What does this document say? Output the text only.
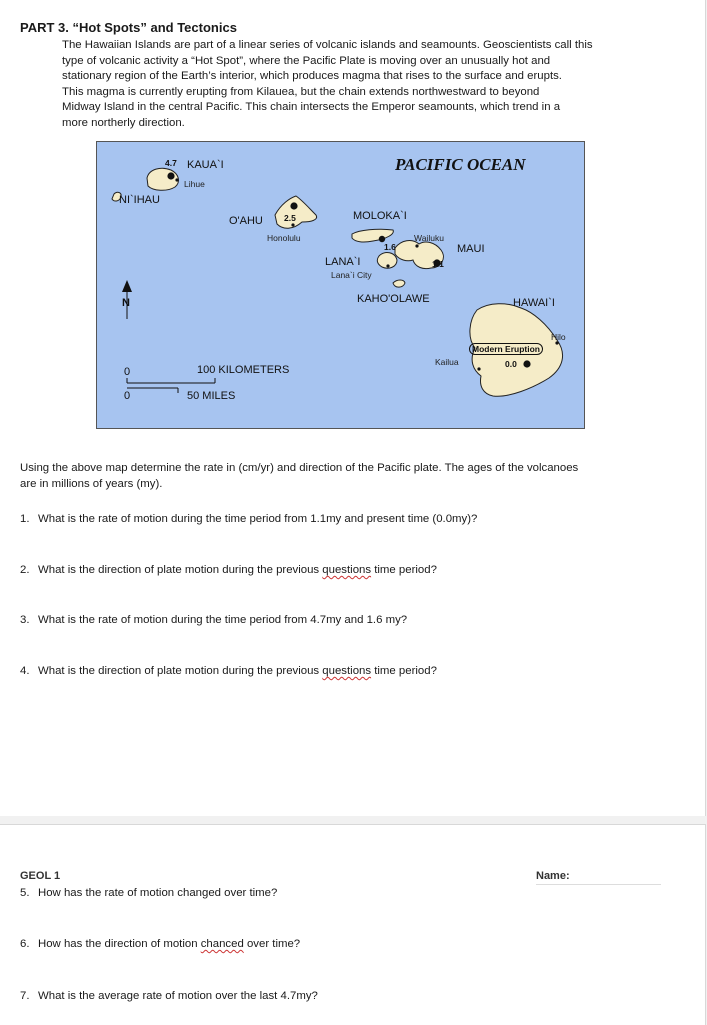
PART 3. “Hot Spots” and Tectonics
The Hawaiian Islands are part of a linear series of volcanic islands and seamounts. Geoscientists call this
type of volcanic activity a “Hot Spot”, where the Pacific Plate is moving over an unusually hot and
stationary region of the Earth’s interior, which produces magma that rises to the surface and erupts.
This magma is currently erupting from Kilauea, but the chain extends northwestward to beyond
Midway Island in the central Pacific. This chain intersects the Emperor seamounts, which trend in a
more northerly direction.
PACIFIC OCEAN
KAUA`I
4.7
Lihue
NI`IHAU
O'AHU 2.5
Honolulu
MOLOKA`I
1.6
Wailuku
MAUI
1.1
LANA`I
Lana`i City
KAHO'OLAWE	HAWAI`I
Hilo
Kailua
Modern Eruption
0.0
N
0
0
100 KILOMETERS
50 MILES
Using the above map determine the rate in (cm/yr) and direction of the Pacific plate. The ages of the volcanoes
are in millions of years (my).
1. What is the rate of motion during the time period from 1.1my and present time (0.0my)?
2. What is the direction of plate motion during the previous questions time period?
3. What is the rate of motion during the time period from 4.7my and 1.6 my?
4. What is the direction of plate motion during the previous questions time period?
GEOL 1	Name:
5. How has the rate of motion changed over time?
6. How has the direction of motion chanced over time?
7. What is the average rate of motion over the last 4.7my?
